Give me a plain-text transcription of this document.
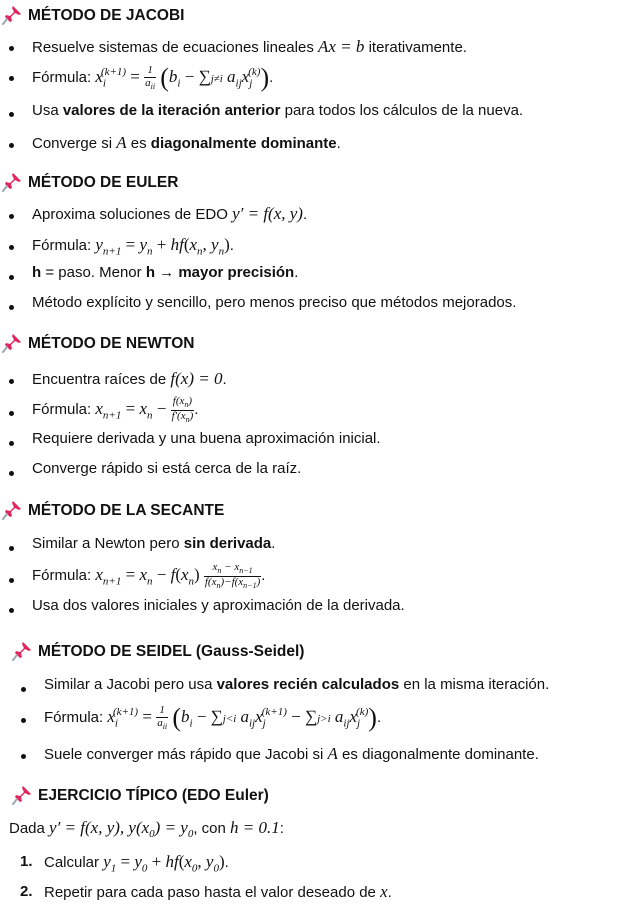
MÉTODO DE JACOBI
Resuelve sistemas de ecuaciones lineales Ax = b iterativamente.
Fórmula: $x_i^{(k+1)} = \frac{1}{a_{ii}} (b_i - \sum j\ne i$ $a_{ij}x_j^{(k)}$).
Usa valores de la iteración anterior para todos los cálculos de la nueva.
Converge si A es diagonalmente dominante.
MÉTODO DE EULER
Aproxima soluciones de EDO y′ = f(x, y).
Fórmula: $y_{n+1} = y_n + hf(x_n$, $y_n$).
h = paso. Menor h → mayor precisión.
Método explícito y sencillo, pero menos preciso que métodos mejorados.
MÉTODO DE NEWTON
Encuentra raíces de f(x) = 0.
Fórmula: $x_{n+1} = x_n - \frac{f(x_n)}{f'(x_n)}$ .
Requiere derivada y una buena aproximación inicial.
Converge rápido si está cerca de la raíz.
MÉTODO DE LA SECANTE
Similar a Newton pero sin derivada.
Fórmula: $x_{n+1} = x_n - f(x_n) \frac{x_n - x_{n-1}}{f(x_n)-f(x_{n-1})}$ .
Usa dos valores iniciales y aproximación de la derivada.
MÉTODO DE SEIDEL (Gauss-Seidel)
Similar a Jacobi pero usa valores recién calculados en la misma iteración.
Fórmula: $x_i^{(k+1)} = \frac{1}{a_{ii}} (b_i - \sum j<i$ $a_{ij}x_j^{(k+1)} - \sum j>i$ $a_{ij}x_j^{(k)}$).
Suele converger más rápido que Jacobi si A es diagonalmente dominante.
EJERCICIO TÍPICO (EDO Euler)
Dada y′ = f(x, y), $y(x_0) = y_0$, con h = 0.1:
1. Calcular $y_1 = y_0 + hf(x_0$, $y_0$).
2. Repetir para cada paso hasta el valor deseado de x.
